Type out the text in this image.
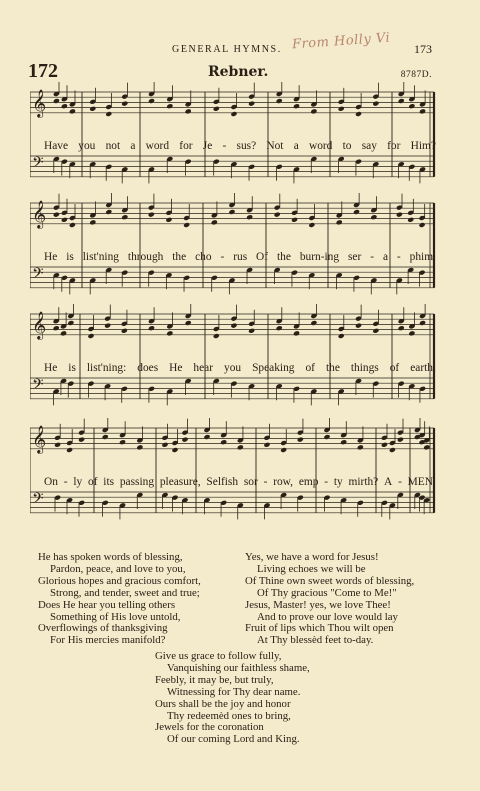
GENERAL HYMNS. From Holly Vi 173
172	Rebner.	8787D.
𝄞
𝄢
Have you not a word for Je - sus? Not a word to say for Him?
𝄞
𝄢
He is list'ning through the cho - rus Of the burn-ing ser - a - phim.
𝄞
𝄢
He is list'ning: does He hear you Speaking of the things of earth,
𝄞
𝄢
On - ly of its passing pleasure, Selfish sor - row, emp - ty mirth? A - MEN.
He has spoken words of blessing,
Pardon, peace, and love to you,
Glorious hopes and gracious comfort,
Strong, and tender, sweet and true;
Does He hear you telling others
Something of His love untold,
Overflowings of thanksgiving
For His mercies manifold?
Yes, we have a word for Jesus!
Living echoes we will be
Of Thine own sweet words of blessing,
Of Thy gracious "Come to Me!"
Jesus, Master! yes, we love Thee!
And to prove our love would lay
Fruit of lips which Thou wilt open
At Thy blessèd feet to-day.
Give us grace to follow fully,
Vanquishing our faithless shame,
Feebly, it may be, but truly,
Witnessing for Thy dear name.
Ours shall be the joy and honor
Thy redeemèd ones to bring,
Jewels for the coronation
Of our coming Lord and King.
